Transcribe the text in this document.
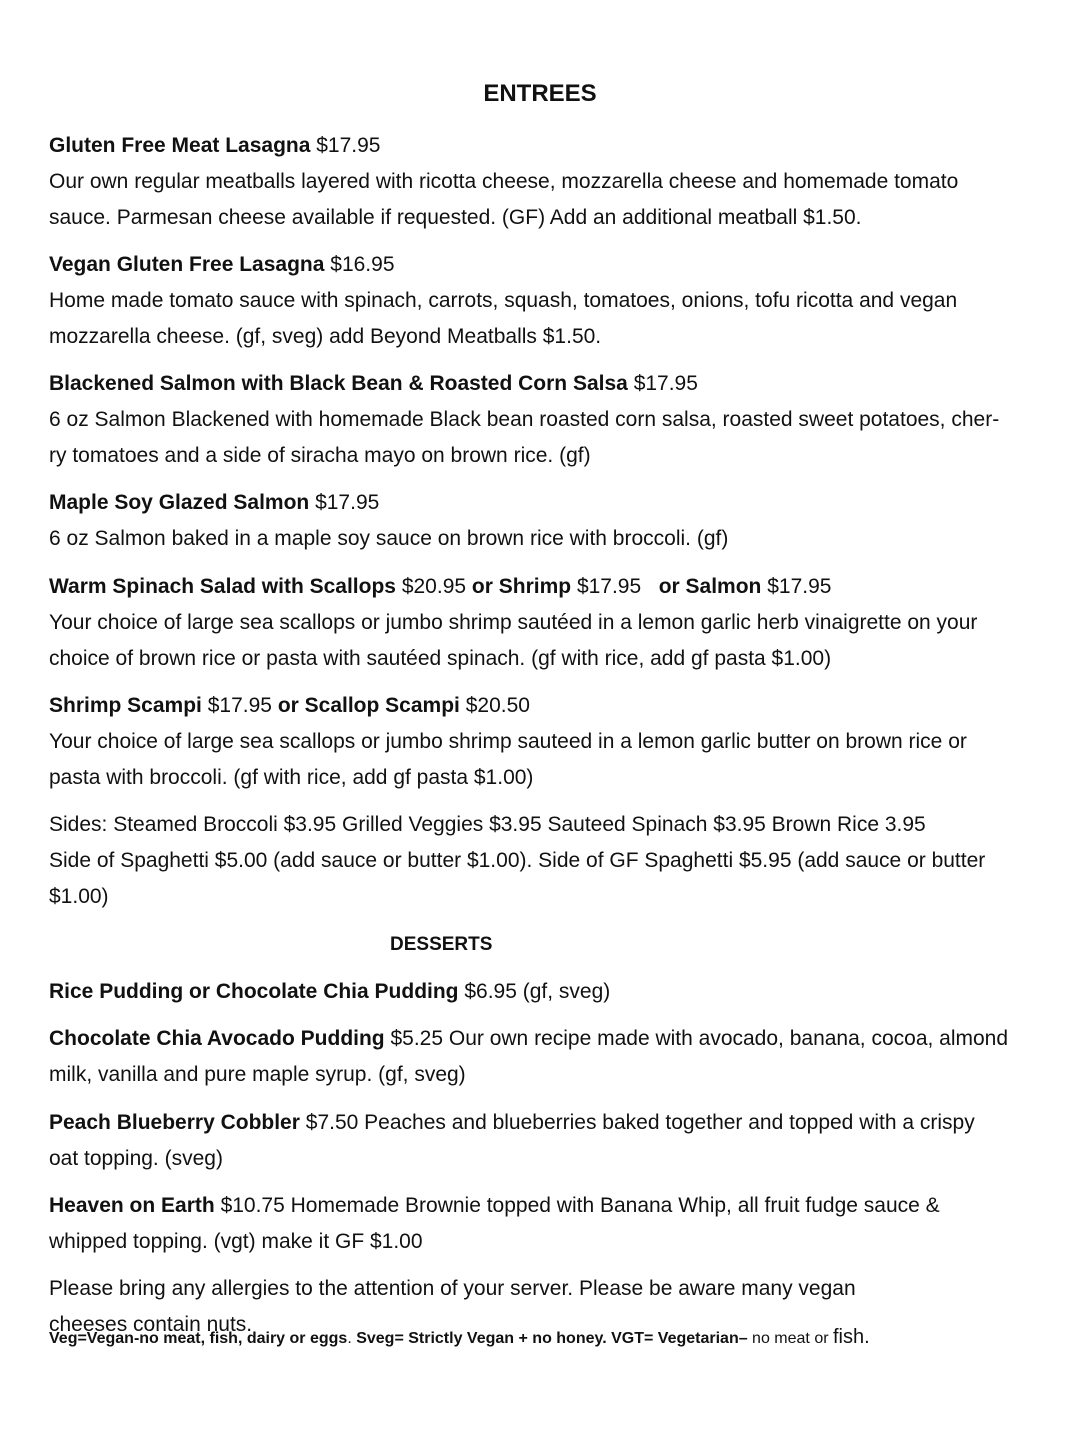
ENTREES

Gluten Free Meat Lasagna $17.95

Our own regular meatballs layered with ricotta cheese, mozzarella cheese and homemade tomato

sauce. Parmesan cheese available if requested. (GF) Add an additional meatball $1.50.

Vegan Gluten Free Lasagna $16.95

Home made tomato sauce with spinach, carrots, squash, tomatoes, onions, tofu ricotta and vegan

mozzarella cheese. (gf, sveg) add Beyond Meatballs $1.50.

Blackened Salmon with Black Bean & Roasted Corn Salsa $17.95

6 oz Salmon Blackened with homemade Black bean roasted corn salsa, roasted sweet potatoes, cher-

ry tomatoes and a side of siracha mayo on brown rice. (gf)

Maple Soy Glazed Salmon $17.95

6 oz Salmon baked in a maple soy sauce on brown rice with broccoli. (gf)

Warm Spinach Salad with Scallops $20.95 or Shrimp $17.95 or Salmon $17.95

Your choice of large sea scallops or jumbo shrimp sautéed in a lemon garlic herb vinaigrette on your

choice of brown rice or pasta with sautéed spinach. (gf with rice, add gf pasta $1.00)

Shrimp Scampi $17.95 or Scallop Scampi $20.50

Your choice of large sea scallops or jumbo shrimp sauteed in a lemon garlic butter on brown rice or

pasta with broccoli. (gf with rice, add gf pasta $1.00)

Sides: Steamed Broccoli $3.95 Grilled Veggies $3.95 Sauteed Spinach $3.95 Brown Rice 3.95

Side of Spaghetti $5.00 (add sauce or butter $1.00). Side of GF Spaghetti $5.95 (add sauce or butter

$1.00)

DESSERTS

Rice Pudding or Chocolate Chia Pudding $6.95 (gf, sveg)

Chocolate Chia Avocado Pudding $5.25 Our own recipe made with avocado, banana, cocoa, almond

milk, vanilla and pure maple syrup. (gf, sveg)

Peach Blueberry Cobbler $7.50 Peaches and blueberries baked together and topped with a crispy

oat topping. (sveg)

Heaven on Earth $10.75 Homemade Brownie topped with Banana Whip, all fruit fudge sauce &

whipped topping. (vgt) make it GF $1.00

Please bring any allergies to the attention of your server. Please be aware many vegan

cheeses contain nuts.

Veg=Vegan-no meat, fish, dairy or eggs. Sveg= Strictly Vegan + no honey. VGT= Vegetarian– no meat or fish.
